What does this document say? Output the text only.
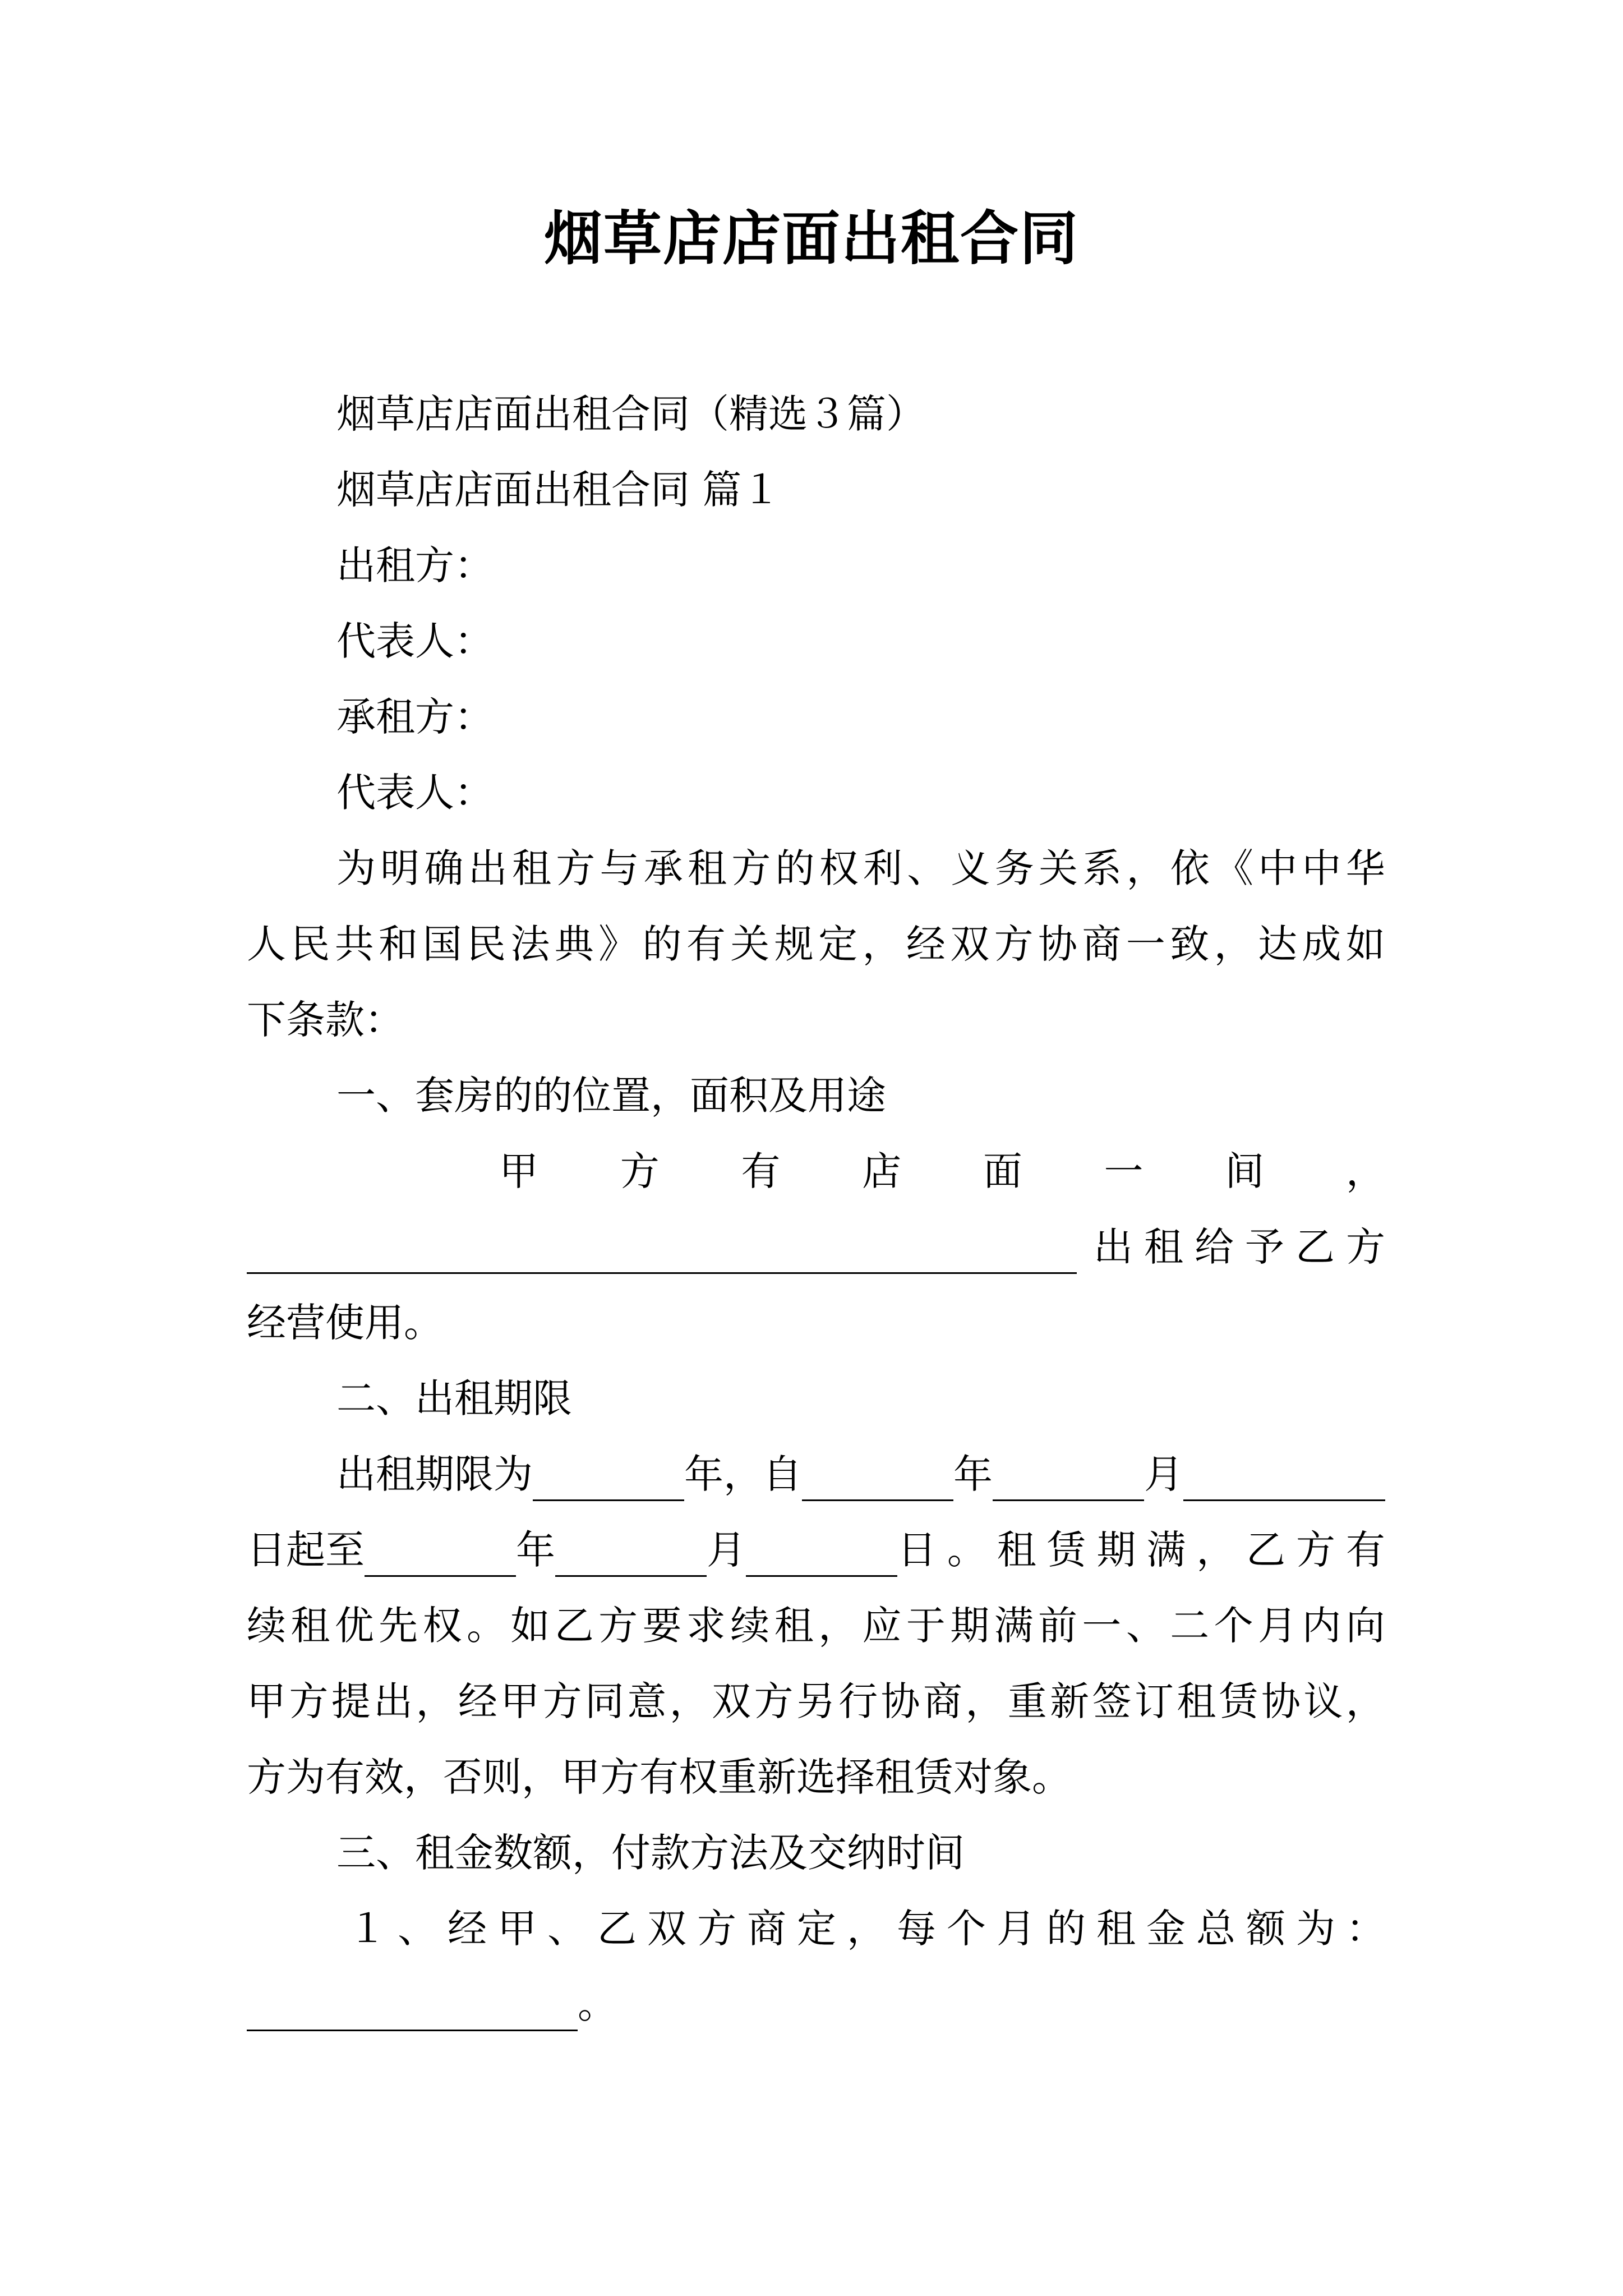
烟草店店面出租合同
烟草店店面出租合同（精选３篇）
烟草店店面出租合同 篇１
出租方：
代表人：
承租方：
代表人：
为 明 确 出 租 方 与 承 租 方 的 权 利 、 义 务 关 系 ， 依 《 中 中 华
人 民 共 和 国 民 法 典 》 的 有 关 规 定 ， 经 双 方 协 商 一 致 ， 达 成 如
下条款：
一、套房的的位置，面积及用途
甲 方 有 店 面 一 间 ，
出 租 给 予 乙 方
经营使用。
二、出租期限
出租期限为	年，自	年	月
日起至	年	月	日 。 租 赁 期 满 ， 乙 方 有
续 租 优 先 权 。 如 乙 方 要 求 续 租 ， 应 于 期 满 前 一 、 二 个 月 内 向
甲 方 提 出 ， 经 甲 方 同 意 ， 双 方 另 行 协 商 ， 重 新 签 订 租 赁 协 议 ，
方为有效，否则，甲方有权重新选择租赁对象。
三、租金数额，付款方法及交纳时间
１ 、 经 甲 、 乙 双 方 商 定 ， 每 个 月 的 租 金 总 额 为 ：
。
